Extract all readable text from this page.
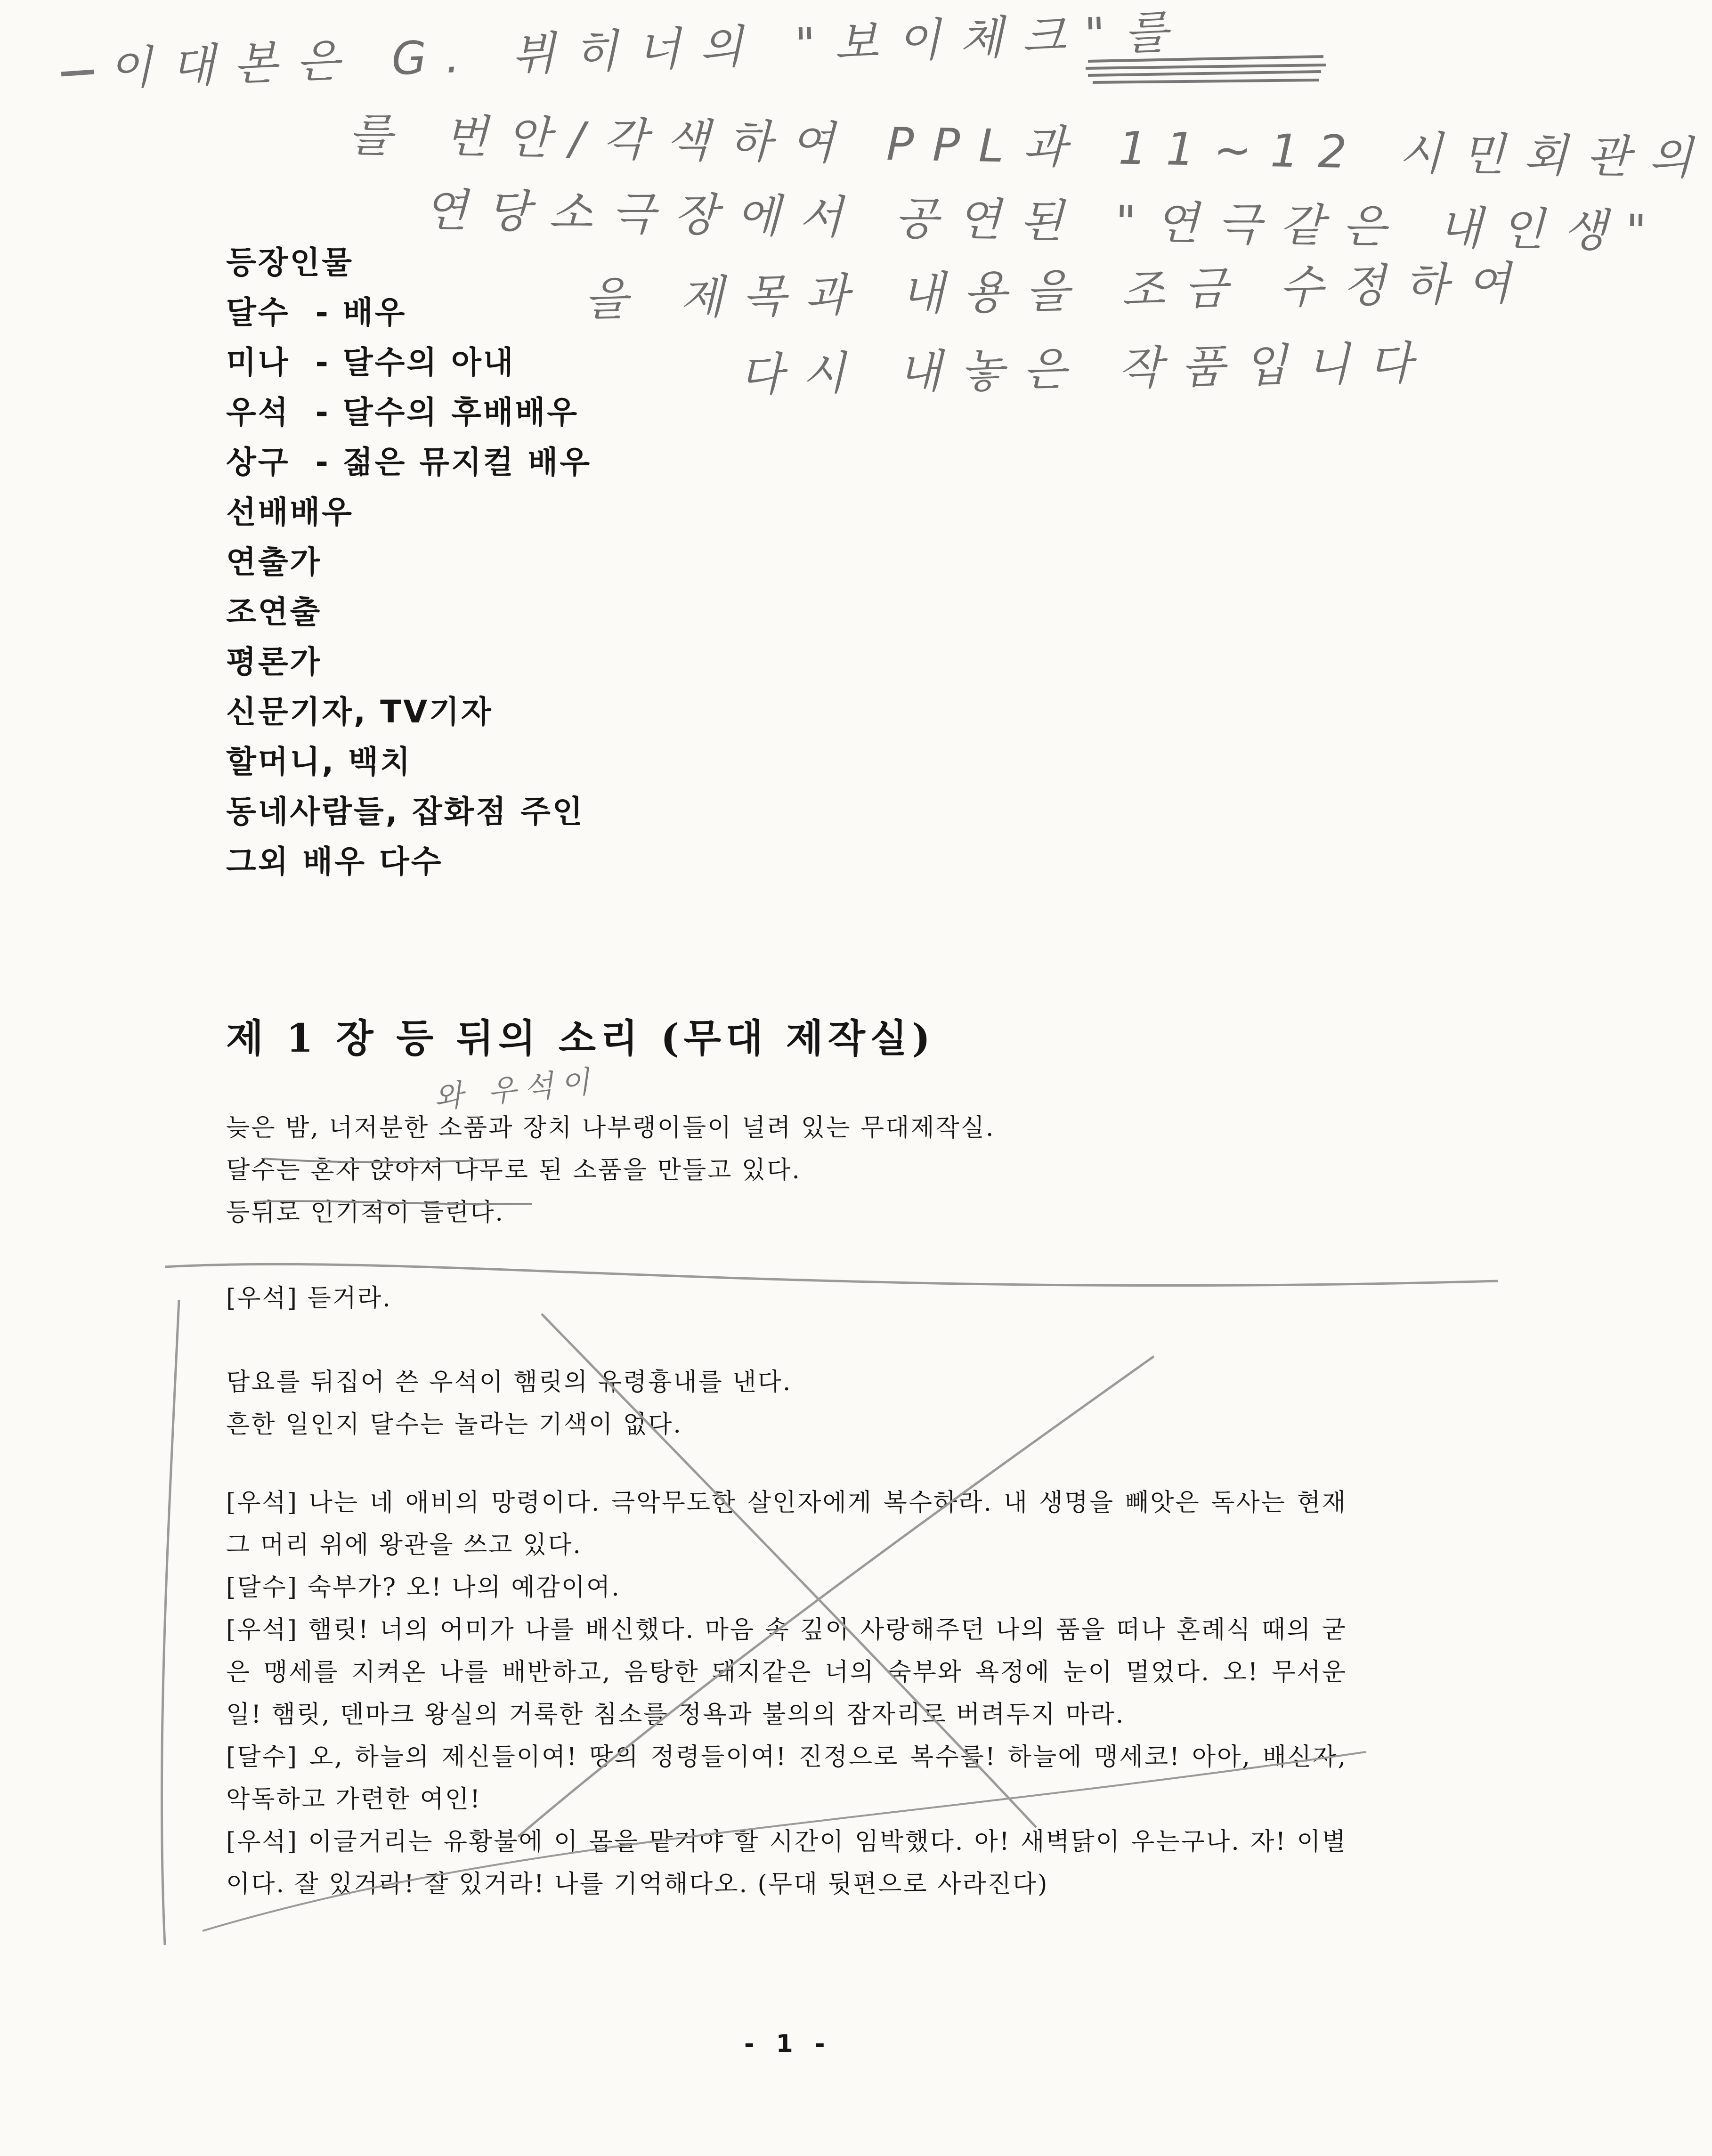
이대본은 G. 뷔히너의 "보이체크"를
를 번안/각색하여 PPL과 11~12 시민회관의
연당소극장에서 공연된 "연극같은 내인생"
을 제목과 내용을 조금 수정하여
다시 내놓은 작품입니다
등장인물
달수  - 배우
미나  - 달수의 아내
우석  - 달수의 후배배우
상구  - 젊은 뮤지컬 배우
선배배우
연출가
조연출
평론가
신문기자, TV기자
할머니, 백치
동네사람들, 잡화점 주인
그외 배우 다수
제 1 장 등 뒤의 소리 (무대 제작실)
와 우석이

늦은 밤, 너저분한 소품과 장치 나부랭이들이 널려 있는 무대제작실.

달수는 혼자 앉아서 나무로 된 소품을 만들고 있다.

등뒤로 인기척이 들린다.

[우석] 듣거라.

담요를 뒤집어 쓴 우석이 햄릿의 유령흉내를 낸다.

흔한 일인지 달수는 놀라는 기색이 없다.

[우석] 나는 네 애비의 망령이다. 극악무도한 살인자에게 복수하라. 내 생명을 빼앗은 독사는 현재 그 머리 위에 왕관을 쓰고 있다.

[달수] 숙부가? 오! 나의 예감이여.

[우석] 햄릿! 너의 어미가 나를 배신했다. 마음 속 깊이 사랑해주던 나의 품을 떠나 혼례식 때의 굳은 맹세를 지켜온 나를 배반하고, 음탕한 돼지같은 너의 숙부와 욕정에 눈이 멀었다. 오! 무서운 일! 햄릿, 덴마크 왕실의 거룩한 침소를 정욕과 불의의 잠자리로 버려두지 마라.

[달수] 오, 하늘의 제신들이여! 땅의 정령들이여! 진정으로 복수를! 하늘에 맹세코! 아아, 배신자, 악독하고 가련한 여인!

[우석] 이글거리는 유황불에 이 몸을 맡겨야 할 시간이 임박했다. 아! 새벽닭이 우는구나. 자! 이별이다. 잘 있거라! 잘 있거라! 나를 기억해다오. (무대 뒷편으로 사라진다)

- 1 -
